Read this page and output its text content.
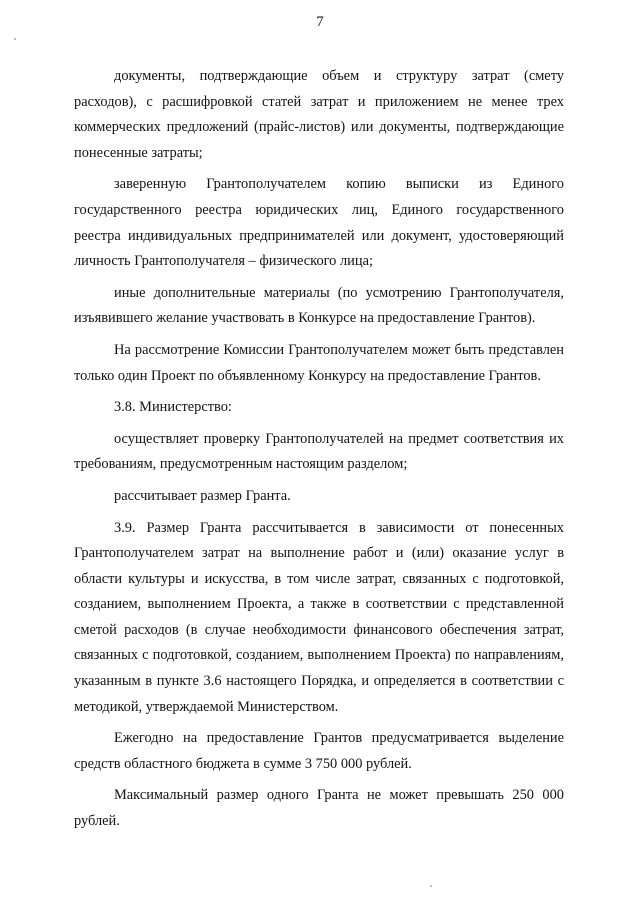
7

документы, подтверждающие объем и структуру затрат (смету расходов), с расшифровкой статей затрат и приложением не менее трех коммерческих предложений (прайс-листов) или документы, подтверждающие понесенные затраты;

заверенную Грантополучателем копию выписки из Единого государственного реестра юридических лиц, Единого государственного реестра индивидуальных предпринимателей или документ, удостоверяющий личность Грантополучателя – физического лица;

иные дополнительные материалы (по усмотрению Грантополучателя, изъявившего желание участвовать в Конкурсе на предоставление Грантов).

На рассмотрение Комиссии Грантополучателем может быть представлен только один Проект по объявленному Конкурсу на предоставление Грантов.

3.8. Министерство:

осуществляет проверку Грантополучателей на предмет соответствия их требованиям, предусмотренным настоящим разделом;

рассчитывает размер Гранта.

3.9. Размер Гранта рассчитывается в зависимости от понесенных Грантополучателем затрат на выполнение работ и (или) оказание услуг в области культуры и искусства, в том числе затрат, связанных с подготовкой, созданием, выполнением Проекта, а также в соответствии с представленной сметой расходов (в случае необходимости финансового обеспечения затрат, связанных с подготовкой, созданием, выполнением Проекта) по направлениям, указанным в пункте 3.6 настоящего Порядка, и определяется в соответствии с методикой, утверждаемой Министерством.

Ежегодно на предоставление Грантов предусматривается выделение средств областного бюджета в сумме 3 750 000 рублей.

Максимальный размер одного Гранта не может превышать 250 000 рублей.
